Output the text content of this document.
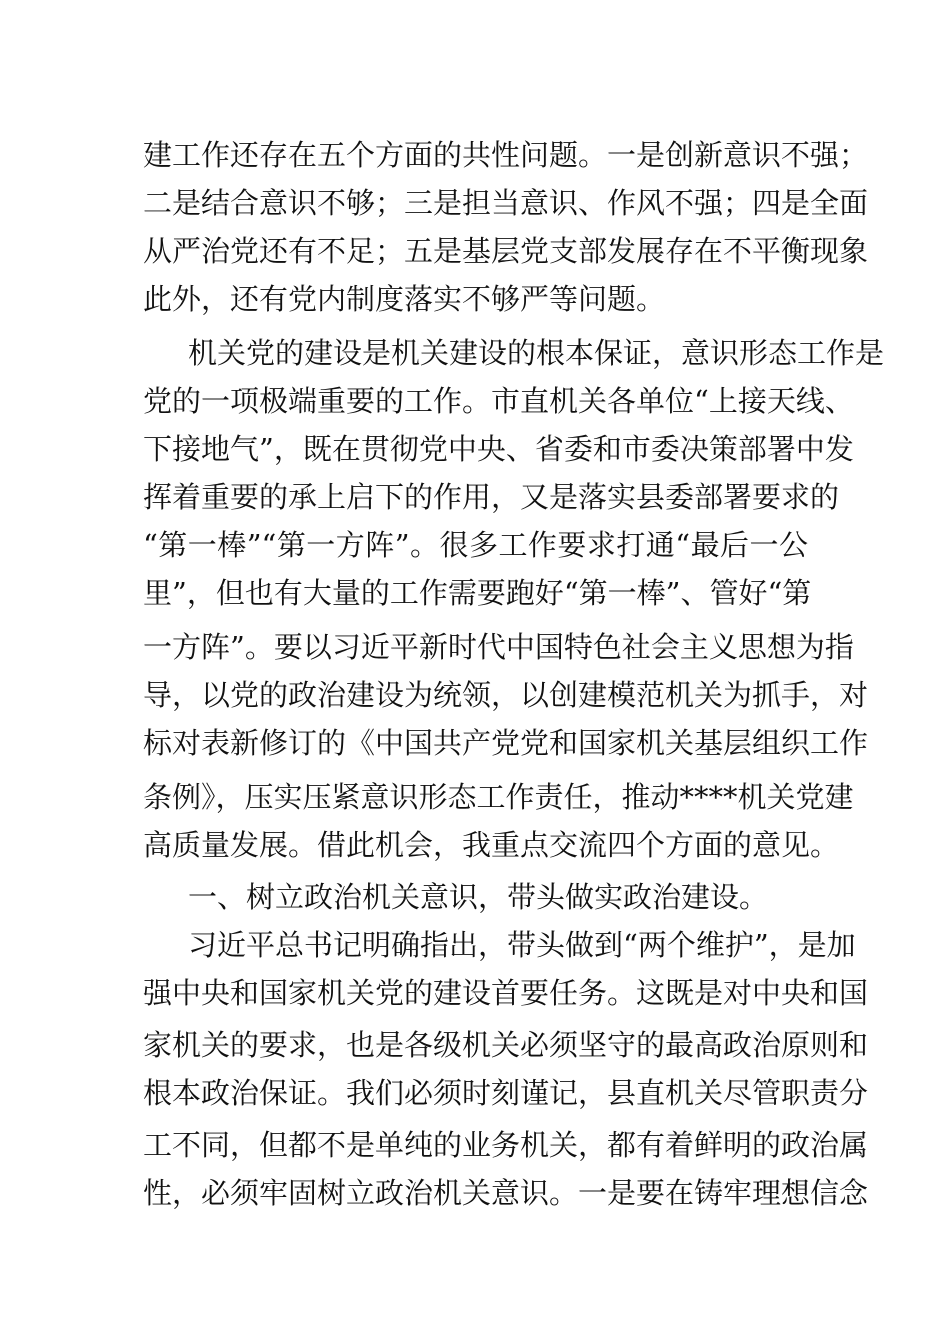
建工作还存在五个方面的共性问题。一是创新意识不强；
二是结合意识不够；三是担当意识、作风不强；四是全面
从严治党还有不足；五是基层党支部发展存在不平衡现象
此外，还有党内制度落实不够严等问题。
机关党的建设是机关建设的根本保证，意识形态工作是
党的一项极端重要的工作。市直机关各单位“上接天线、
下接地气”，既在贯彻党中央、省委和市委决策部署中发
挥着重要的承上启下的作用，又是落实县委部署要求的
“第一棒”“第一方阵”。很多工作要求打通“最后一公
里”，但也有大量的工作需要跑好“第一棒”、管好“第
一方阵”。要以习近平新时代中国特色社会主义思想为指
导，以党的政治建设为统领，以创建模范机关为抓手，对
标对表新修订的《中国共产党党和国家机关基层组织工作
条例》，压实压紧意识形态工作责任，推动****机关党建
高质量发展。借此机会，我重点交流四个方面的意见。
一、树立政治机关意识，带头做实政治建设。
习近平总书记明确指出，带头做到“两个维护”，是加
强中央和国家机关党的建设首要任务。这既是对中央和国
家机关的要求，也是各级机关必须坚守的最高政治原则和
根本政治保证。我们必须时刻谨记，县直机关尽管职责分
工不同，但都不是单纯的业务机关，都有着鲜明的政治属
性，必须牢固树立政治机关意识。一是要在铸牢理想信念
